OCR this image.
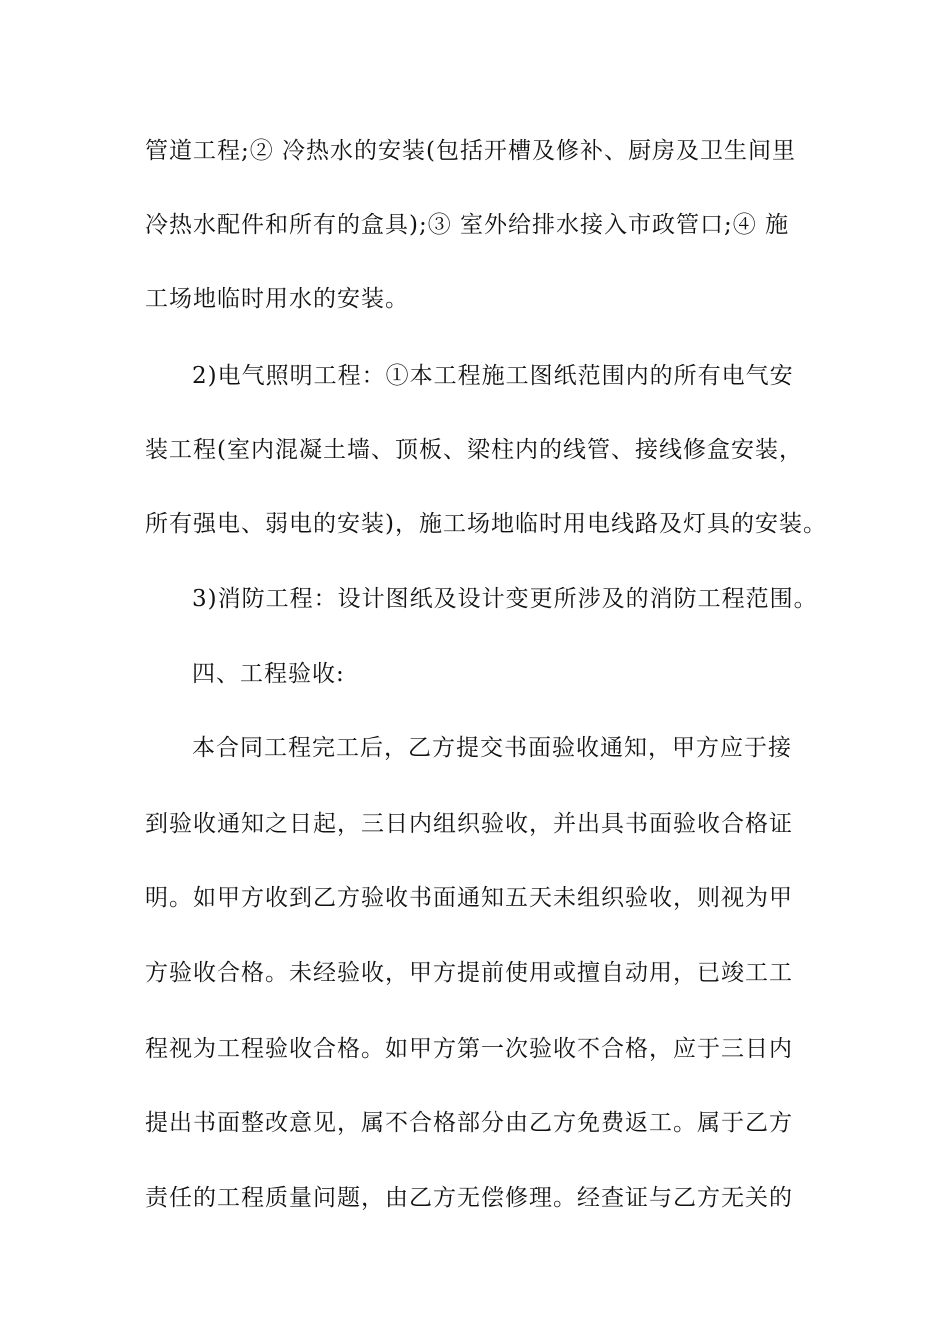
管道工程;② 冷热水的安装(包括开槽及修补、厨房及卫生间里
冷热水配件和所有的盒具);③ 室外给排水接入市政管口;④ 施
工场地临时用水的安装。
2)电气照明工程：①本工程施工图纸范围内的所有电气安
装工程(室内混凝土墙、顶板、梁柱内的线管、接线修盒安装，
所有强电、弱电的安装)，施工场地临时用电线路及灯具的安装。
3)消防工程：设计图纸及设计变更所涉及的消防工程范围。
四、工程验收:
本合同工程完工后，乙方提交书面验收通知，甲方应于接
到验收通知之日起，三日内组织验收，并出具书面验收合格证
明。如甲方收到乙方验收书面通知五天未组织验收，则视为甲
方验收合格。未经验收，甲方提前使用或擅自动用，已竣工工
程视为工程验收合格。如甲方第一次验收不合格，应于三日内
提出书面整改意见，属不合格部分由乙方免费返工。属于乙方
责任的工程质量问题，由乙方无偿修理。经查证与乙方无关的
